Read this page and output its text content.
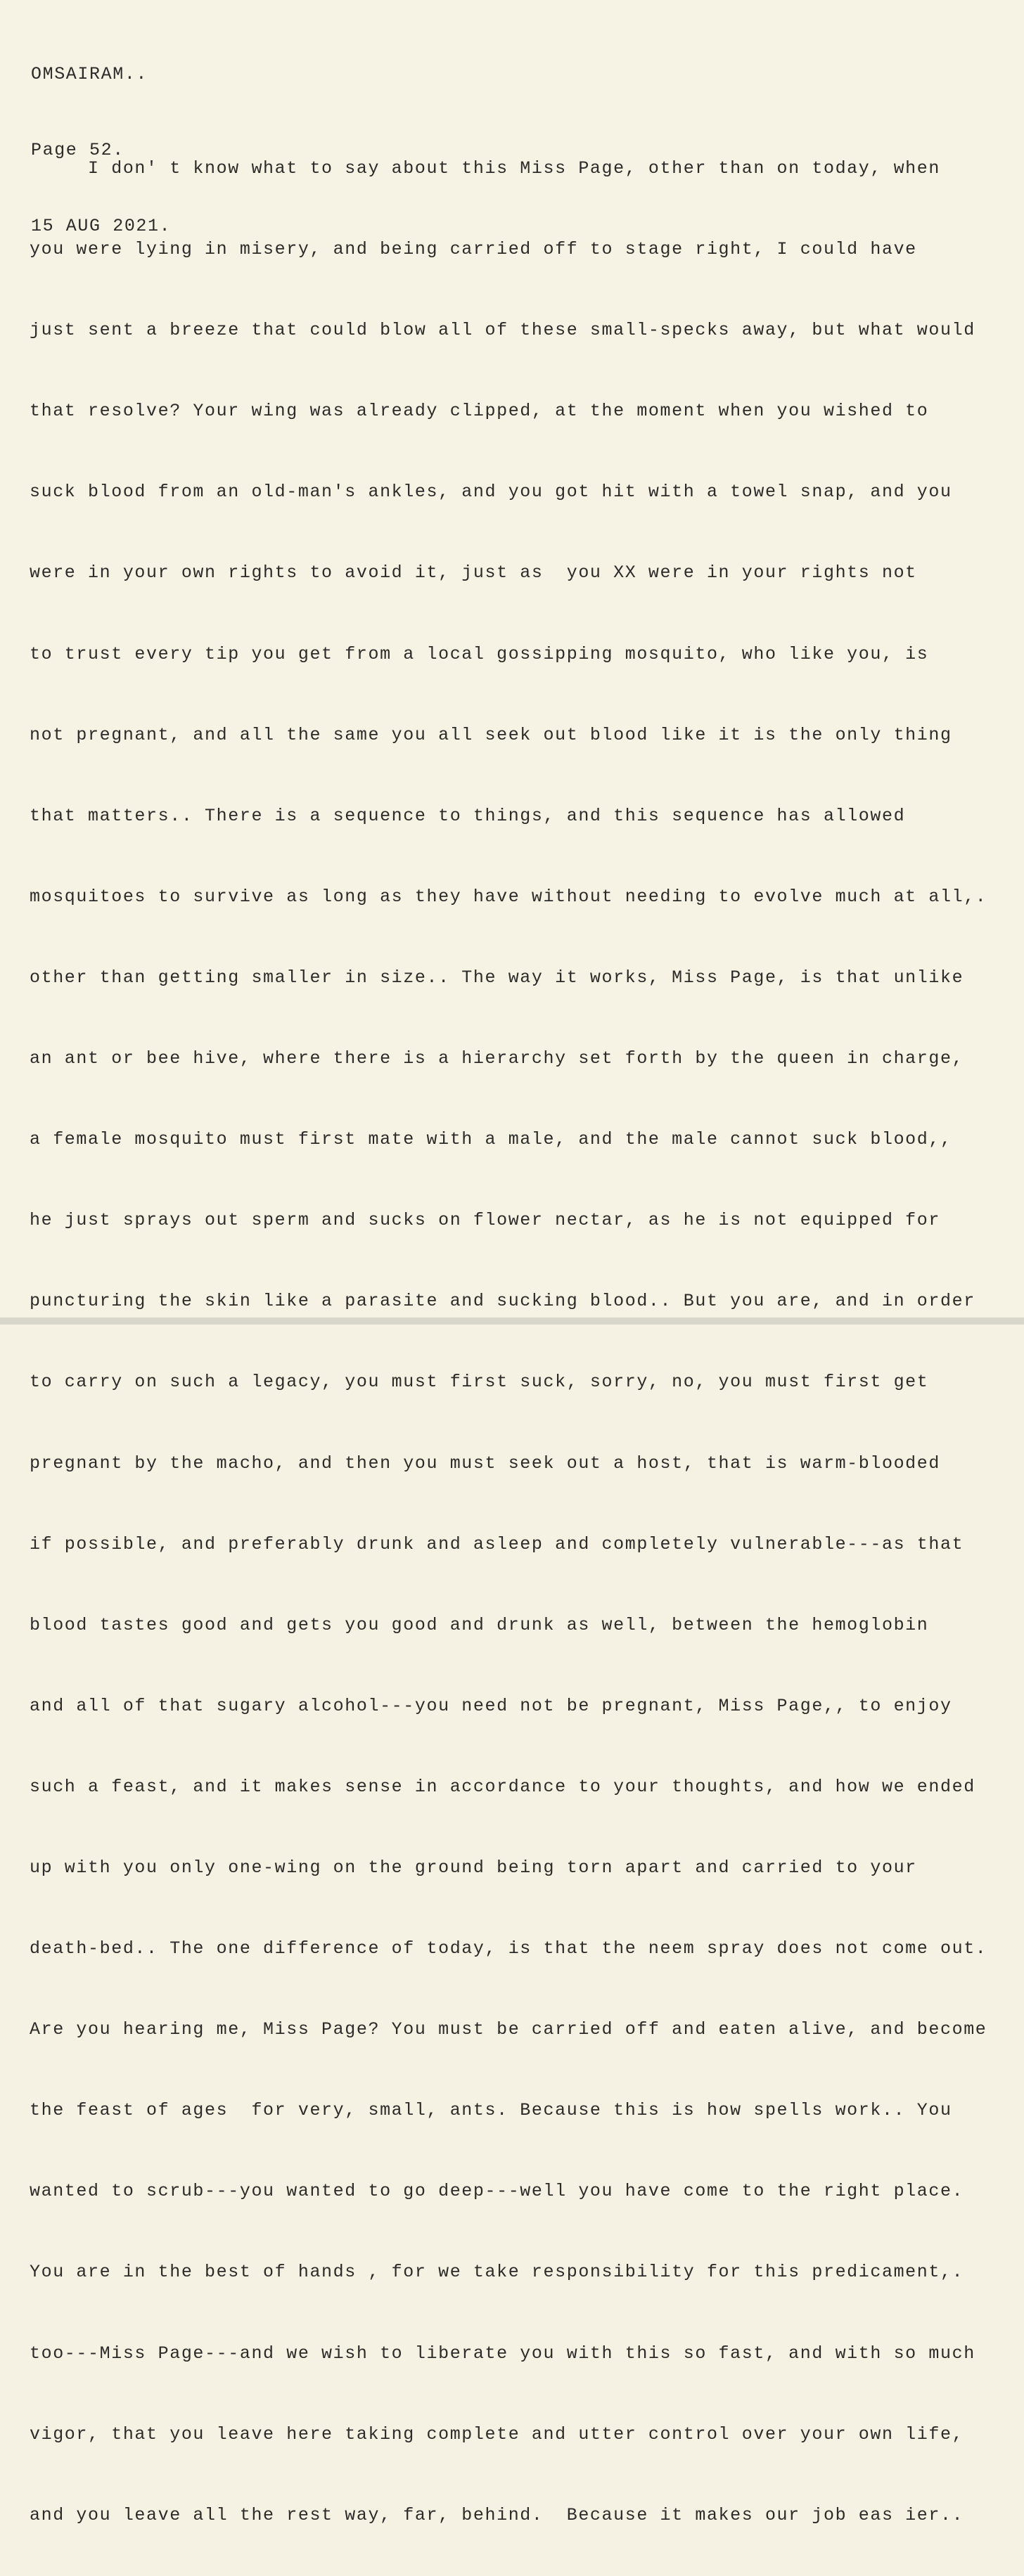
OMSAIRAM..

Page 52.

15 AUG 2021.

I don' t know what to say about this Miss Page, other than on today, when

you were lying in misery, and being carried off to stage right, I could have

just sent a breeze that could blow all of these small-specks away, but what would

that resolve? Your wing was already clipped, at the moment when you wished to

suck blood from an old-man's ankles, and you got hit with a towel snap, and you

were in your own rights to avoid it, just as  you XX were in your rights not

to trust every tip you get from a local gossipping mosquito, who like you, is

not pregnant, and all the same you all seek out blood like it is the only thing

that matters.. There is a sequence to things, and this sequence has allowed

mosquitoes to survive as long as they have without needing to evolve much at all,.

other than getting smaller in size.. The way it works, Miss Page, is that unlike

an ant or bee hive, where there is a hierarchy set forth by the queen in charge,

a female mosquito must first mate with a male, and the male cannot suck blood,,

he just sprays out sperm and sucks on flower nectar, as he is not equipped for

puncturing the skin like a parasite and sucking blood.. But you are, and in order

to carry on such a legacy, you must first suck, sorry, no, you must first get

pregnant by the macho, and then you must seek out a host, that is warm-blooded

if possible, and preferably drunk and asleep and completely vulnerable---as that

blood tastes good and gets you good and drunk as well, between the hemoglobin

and all of that sugary alcohol---you need not be pregnant, Miss Page,, to enjoy

such a feast, and it makes sense in accordance to your thoughts, and how we ended

up with you only one-wing on the ground being torn apart and carried to your

death-bed.. The one difference of today, is that the neem spray does not come out.

Are you hearing me, Miss Page? You must be carried off and eaten alive, and become

the feast of ages  for very, small, ants. Because this is how spells work.. You

wanted to scrub---you wanted to go deep---well you have come to the right place.

You are in the best of hands , for we take responsibility for this predicament,.

too---Miss Page---and we wish to liberate you with this so fast, and with so much

vigor, that you leave here taking complete and utter control over your own life,

and you leave all the rest way, far, behind.  Because it makes our job eas ier..
